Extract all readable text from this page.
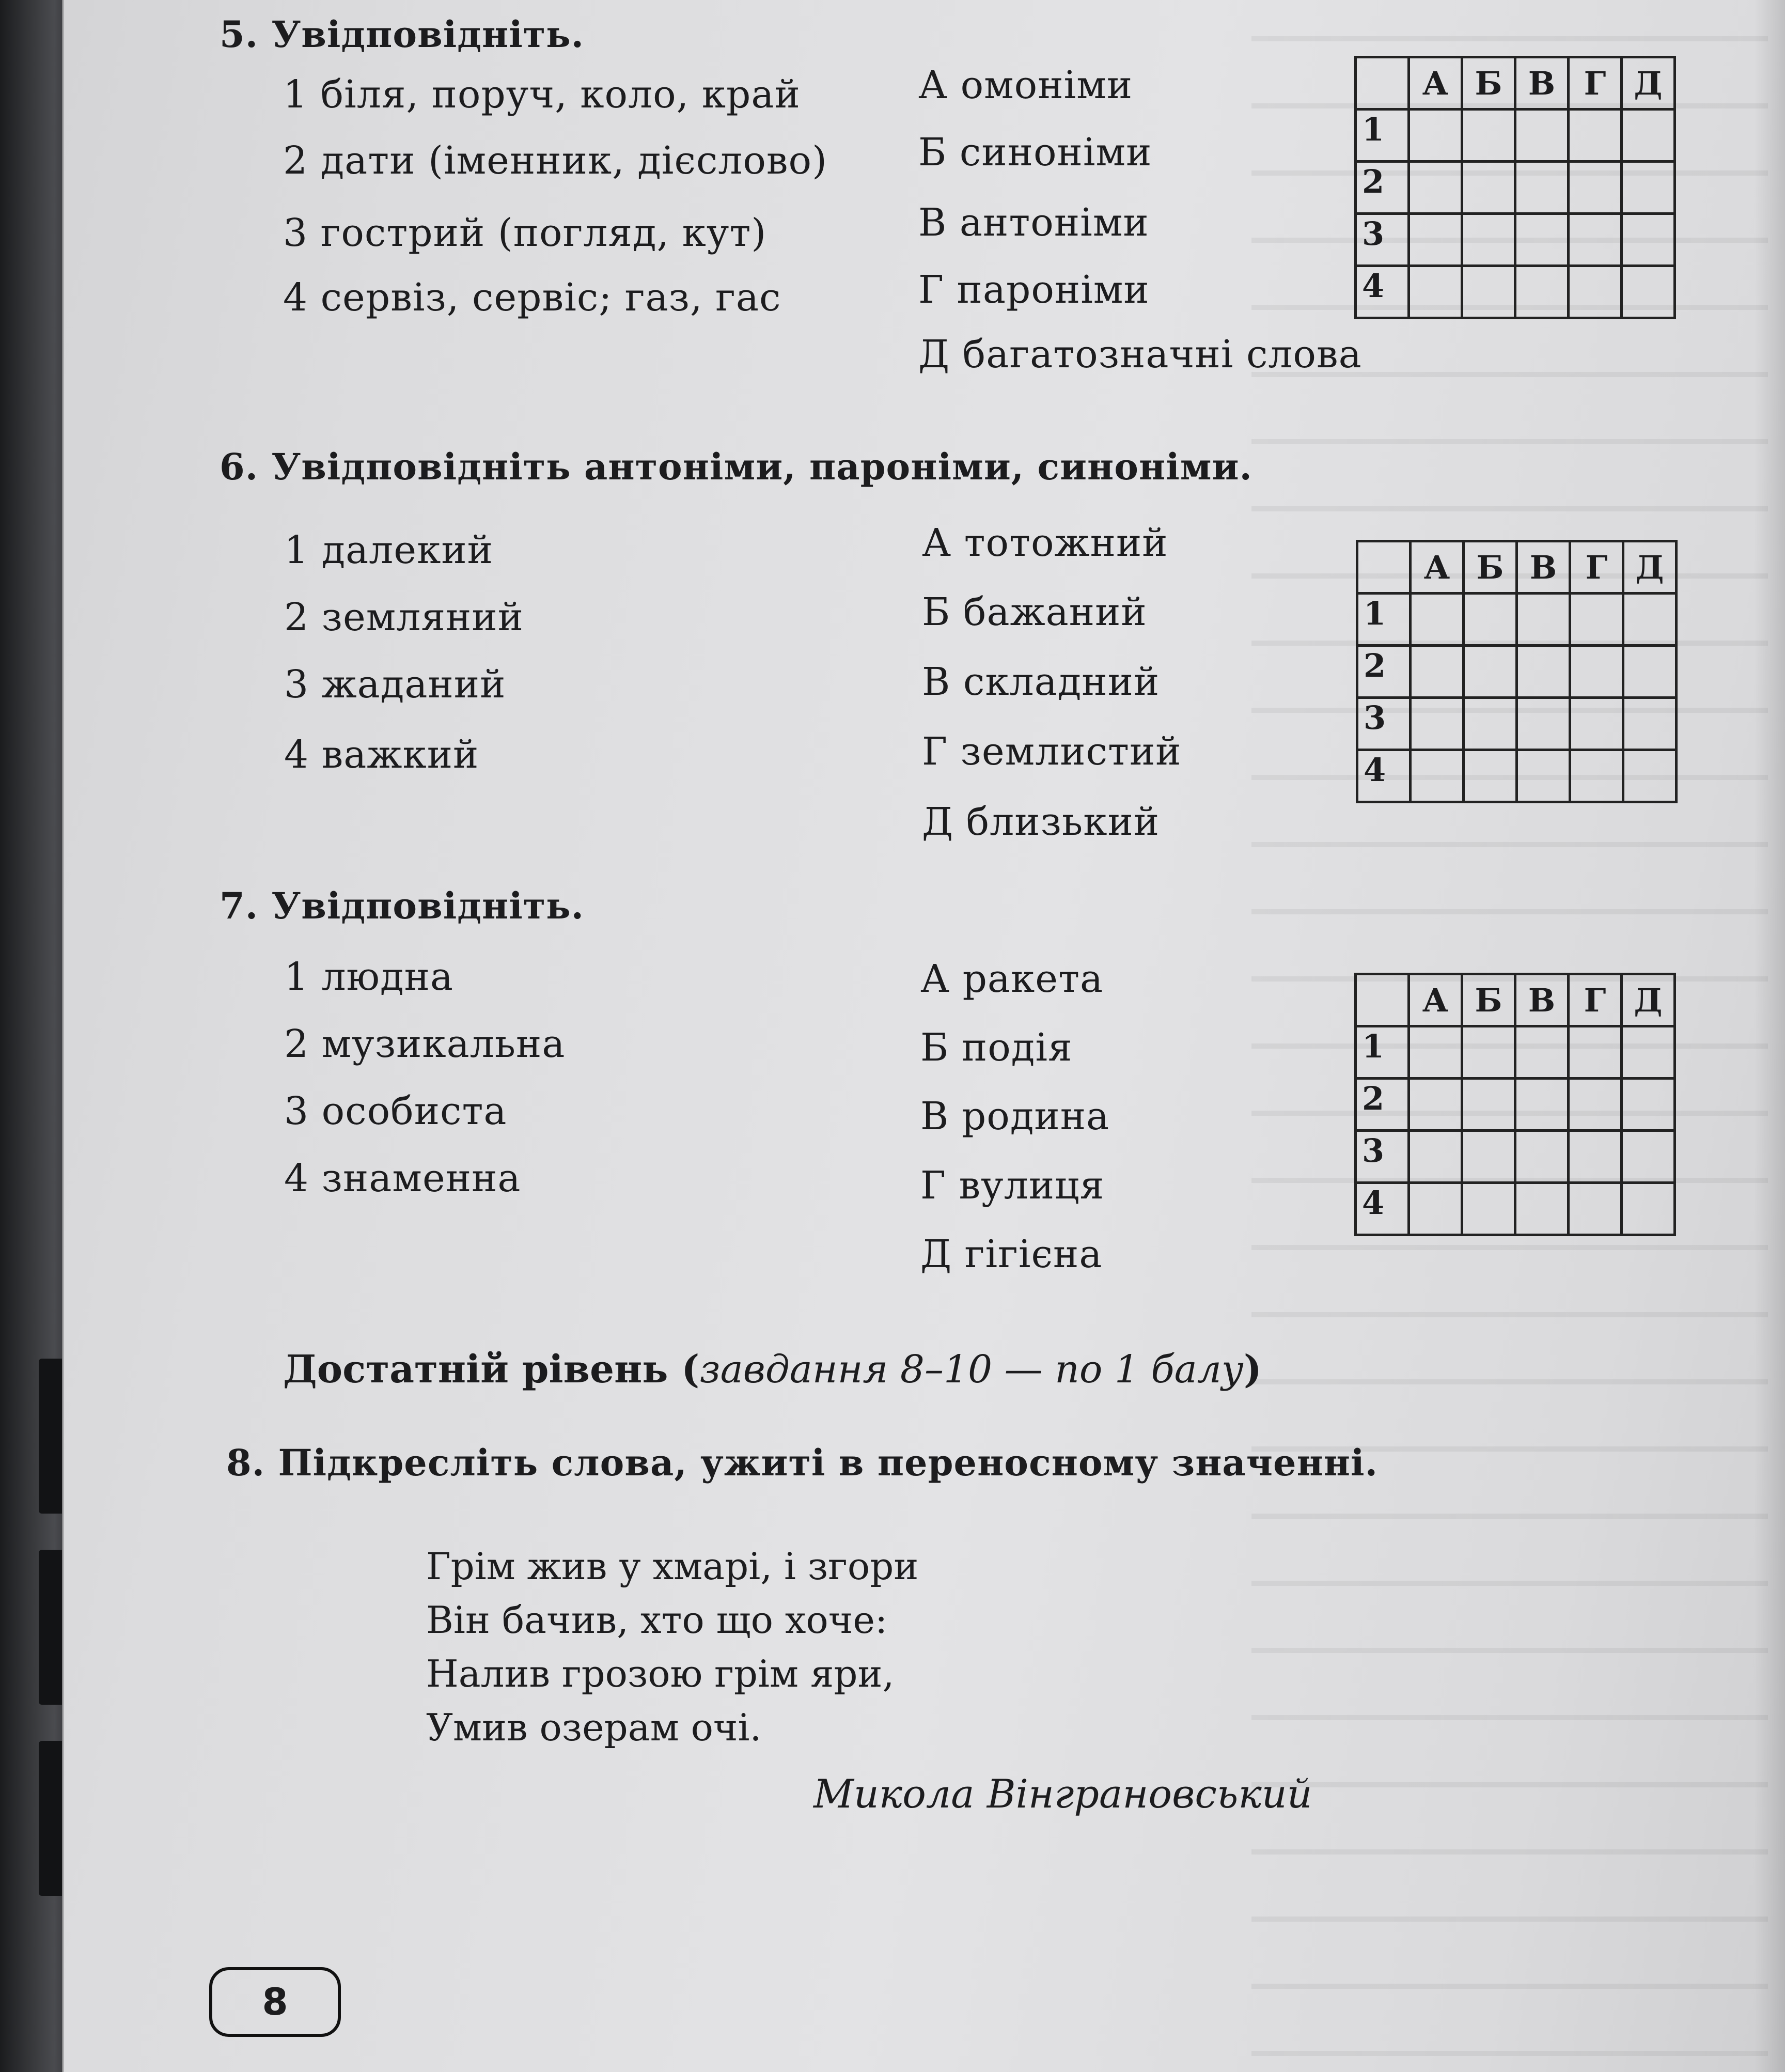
5. Увідповідніть.
1 біля, поруч, коло, край
2 дати (іменник, дієслово)
3 гострий (погляд, кут)
4 сервіз, сервіс; газ, гас
А омоніми
Б синоніми
В антоніми
Г пароніми
Д багатозначні слова
	А	Б	В	Г	Д
1					
2					
3					
4					
6. Увідповідніть антоніми, пароніми, синоніми.
1 далекий
2 земляний
3 жаданий
4 важкий
А тотожний
Б бажаний
В складний
Г землистий
Д близький
	А	Б	В	Г	Д
1					
2					
3					
4					
7. Увідповідніть.
1 людна
2 музикальна
3 особиста
4 знаменна
А ракета
Б подія
В родина
Г вулиця
Д гігієна
	А	Б	В	Г	Д
1					
2					
3					
4					
Достатній рівень (завдання 8–10 — по 1 балу)
8. Підкресліть слова, ужиті в переносному значенні.
Грім жив у хмарі, і згори
Він бачив, хто що хоче:
Налив грозою грім яри,
Умив озерам очі.
Микола Вінграновський
8
